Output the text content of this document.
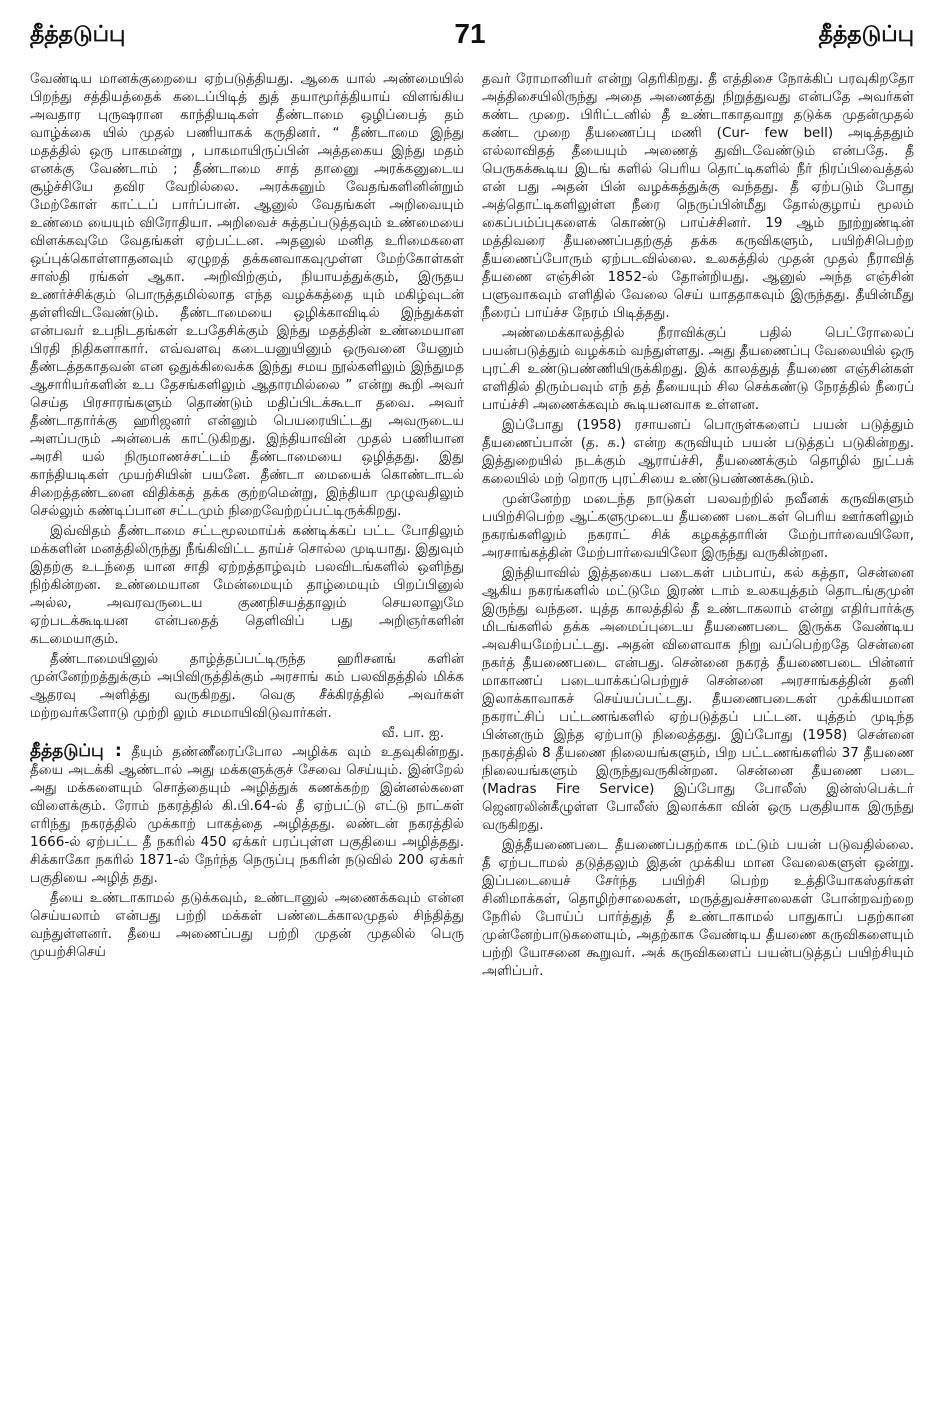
தீத்தடுப்பு	71	தீத்தடுப்பு

வேண்டிய மானக்குறையை ஏற்படுத்தியது. ஆகை யால் அண்மையில் பிறந்து சத்தியத்தைக் கடைப்பிடித் துத் தயாமூர்த்தியாய் விளங்கிய அவதார புருஷரான காந்தியடிகள் தீண்டாமை ஒழிப்பைத் தம் வாழ்க்கை யில் முதல் பணியாகக் கருதினர். “ தீண்டாமை இந்து மதத்தில் ஒரு பாகமன்று , பாகமாயிருப்பின் அத்தகைய இந்து மதம் எனக்கு வேண்டாம் ; தீண்டாமை சாத் தானுை அரக்கனுடைய சூழ்ச்சியே தவிர வேறில்லை. அரக்கனும் வேதங்களினின்றும் மேற்கோள் காட்டப் பார்ப்பான். ஆனுல் வேதங்கள் அறிவையும் உண்மை யையும் விரோதியா. அறிவைச் சுத்தப்படுத்தவும் உண்மையை விளக்கவுமே வேதங்கள் ஏற்பட்டன. அதனுல் மனித உரிமைகளை ஒப்புக்கொள்ளாதனவும் ஏழுறத் தக்கனவாகவுமுள்ள மேற்கோள்கள் சாஸ்தி ரங்கள் ஆகா. அறிவிற்கும், நியாயத்துக்கும், இருதய உணர்ச்சிக்கும் பொருத்தமில்லாத எந்த வழக்கத்தை யும் மகிழ்வுடன் தள்ளிவிடவேண்டும். தீண்டாமையை ஒழிக்காவிடில் இந்துக்கள் என்பவர் உபநிடதங்கள் உபதேசிக்கும் இந்து மதத்தின் உண்மையான பிரதி நிதிகளாகார். எவ்வளவு கடையனுயினும் ஒருவனை யேனும் தீண்டத்தகாதவன் என ஒதுக்கிவைக்க இந்து சமய நூல்களிலும் இந்துமத ஆசாரியர்களின் உப தேசங்களிலும் ஆதாரமில்லை ” என்று கூறி அவர் செய்த பிரசாரங்களும் தொண்டும் மதிப்பிடக்கூடா தவை. அவர் தீண்டாதார்க்கு ஹரிஜனர் என்னும் பெயரையிட்டது அவருடைய அளப்பரும் அன்பைக் காட்டுகிறது. இந்தியாவின் முதல் பணியான அரசி யல் நிருமாணச்சட்டம் தீண்டாமையை ஒழித்தது. இது காந்தியடிகள் முயற்சியின் பயனே. தீண்டா மையைக் கொண்டாடல் சிறைத்தண்டனை விதிக்கத் தக்க குற்றமென்று, இந்தியா முழுவதிலும் செல்லும் கண்டிப்பான சட்டமும் நிறைவேற்றப்பட்டிருக்கிறது.

இவ்விதம் தீண்டாமை சட்டமூலமாய்க் கண்டிக்கப் பட்ட போதிலும் மக்களின் மனத்திலிருந்து நீங்கிவிட்ட தாய்ச் சொல்ல முடியாது. இதுவும் இதற்கு உடந்தை யான சாதி ஏற்றத்தாழ்வும் பலவிடங்களில் ஒளிந்து நிற்கின்றன. உண்மையான மேன்மையும் தாழ்மையும் பிறப்பினுல் அல்ல, அவரவருடைய குணநிசயத்தாலும் செயலாலுமே ஏற்படக்கூடியன என்பதைத் தெளிவிப் பது அறிஞர்களின் கடமையாகும்.

தீண்டாமையினுல் தாழ்த்தப்பட்டிருந்த ஹரிசனங் களின் முன்னேற்றத்துக்கும் அபிவிருத்திக்கும் அரசாங் கம் பலவிதத்தில் மிக்க ஆதரவு அளித்து வருகிறது. வெகு சீக்கிரத்தில் அவர்கள் மற்றவர்களோடு முற்றி லும் சமமாயிவிடுவார்கள்.

வீ. பா. ஐ.

தீத்தடுப்பு : தீயும் தண்ணீரைப்போல அழிக்க வும் உதவுகின்றது. தீயை அடக்கி ஆண்டால் அது மக்களுக்குச் சேவை செய்யும். இன்றேல் அது மக்களையும் சொத்தையும் அழித்துக் கணக்கற்ற இன்னல்களை விளைக்கும். ரோம் நகரத்தில் கி.பி.64-ல் தீ ஏற்பட்டு எட்டு நாட்கள் எரிந்து நகரத்தில் முக்காற் பாகத்தை அழித்தது. லண்டன் நகரத்தில் 1666-ல் ஏற்பட்ட தீ நகரில் 450 ஏக்கர் பரப்புள்ள பகுதியை அழித்தது. சிக்காகோ நகரில் 1871-ல் நேர்ந்த நெருப்பு நகரின் நடுவில் 200 ஏக்கர் பகுதியை அழித் தது.

தீயை உண்டாகாமல் தடுக்கவும், உண்டானுல் அணைக்கவும் என்ன செய்யலாம் என்பது பற்றி மக்கள் பண்டைக்காலமுதல் சிந்தித்து வந்துள்ளனர். தீயை அணைப்பது பற்றி முதன் முதலில் பெரு முயற்சிசெய்

தவர் ரோமானியர் என்று தெரிகிறது. தீ எத்திசை நோக்கிப் பரவுகிறதோ அத்திசையிலிருந்து அதை அணைத்து நிறுத்துவது என்பதே அவர்கள் கண்ட முறை. பிரிட்டனில் தீ உண்டாகாதவாறு தடுக்க முதன்முதல் கண்ட முறை தீயணைப்பு மணி (Cur- few bell) அடித்ததும் எல்லாவிதத் தீயையும் அணைத் துவிடவேண்டும் என்பதே. தீ பெருகக்கூடிய இடங் களில் பெரிய தொட்டிகளில் நீர் நிரப்பிவைத்தல் என் பது அதன் பின் வழக்கத்துக்கு வந்தது. தீ ஏற்படும் போது அத்தொட்டிகளிலுள்ள நீரை நெருப்பின்மீது தோல்குழாய் மூலம் கைப்பம்ப்புகளைக் கொண்டு பாய்ச்சினர். 19 ஆம் நூற்றுண்டின் மத்திவரை தீயணைப்பதற்குத் தக்க கருவிகளும், பயிற்சிபெற்ற தீயணைப்போரும் ஏற்படவில்லை. உலகத்தில் முதன் முதல் நீராவித் தீயணை எஞ்சின் 1852-ல் தோன்றியது. ஆனுல் அந்த எஞ்சின் பளுவாகவும் எளிதில் வேலை செய் யாததாகவும் இருந்தது. தீயின்மீது நீரைப் பாய்ச்ச நேரம் பிடித்தது.

அண்மைக்காலத்தில் நீராவிக்குப் பதில் பெட்ரோலைப் பயன்படுத்தும் வழக்கம் வந்துள்ளது. அது தீயணைப்பு வேலையில் ஒரு புரட்சி உண்டுபண்ணியிருக்கிறது. இக் காலத்துத் தீயணை எஞ்சின்கள் எளிதில் திரும்பவும் எந் தத் தீயையும் சில செக்கண்டு நேரத்தில் நீரைப் பாய்ச்சி அணைக்கவும் கூடியனவாக உள்ளன.

இப்போது (1958) ரசாயனப் பொருள்களைப் பயன் படுத்தும் தீயணைப்பான் (த. க.) என்ற கருவியும் பயன் படுத்தப் படுகின்றது. இத்துறையில் நடக்கும் ஆராய்ச்சி, தீயணைக்கும் தொழில் நுட்பக் கலையில் மற் றொரு புரட்சியை உண்டுபண்ணக்கூடும்.

முன்னேற்ற மடைந்த நாடுகள் பலவற்றில் நவீனக் கருவிகளும் பயிற்சிபெற்ற ஆட்களுமுடைய தீயணை படைகள் பெரிய ஊர்களிலும் நகரங்களிலும் நகராட் சிக் கழகத்தாரின் மேற்பார்வையிலோ, அரசாங்கத்தின் மேற்பார்வையிலோ இருந்து வருகின்றன.

இந்தியாவில் இத்தகைய படைகள் பம்பாய், கல் கத்தா, சென்னை ஆகிய நகரங்களில் மட்டுமே இரண் டாம் உலகயுத்தம் தொடங்குமுன் இருந்து வந்தன. யுத்த காலத்தில் தீ உண்டாகலாம் என்று எதிர்பார்க்கு மிடங்களில் தக்க அமைப்புடைய தீயணைபடை இருக்க வேண்டிய அவசியமேற்பட்டது. அதன் விளைவாக நிறு வப்பெற்றதே சென்னை நகர்த் தீயணைபடை என்பது. சென்னை நகரத் தீயணைபடை பின்னர் மாகாணப் படையாக்கப்பெற்றுச் சென்னை அரசாங்கத்தின் தனி இலாக்காவாகச் செய்யப்பட்டது. தீயணைபடைகள் முக்கியமான நகராட்சிப் பட்டணங்களில் ஏற்படுத்தப் பட்டன. யுத்தம் முடிந்த பின்னரும் இந்த ஏற்பாடு நிலைத்தது. இப்போது (1958) சென்னை நகரத்தில் 8 தீயணை நிலையங்களும், பிற பட்டணங்களில் 37 தீயணை நிலையங்களும் இருந்துவருகின்றன. சென்னை தீயணை படை (Madras Fire Service) இப்போது போலீஸ் இன்ஸ்பெக்டர் ஜெனரலின்கீழுள்ள போலீஸ் இலாக்கா வின் ஒரு பகுதியாக இருந்து வருகிறது.

இத்தீயணைபடை தீயணைப்பதற்காக மட்டும் பயன் படுவதில்லை. தீ ஏற்படாமல் தடுத்தலும் இதன் முக்கிய மான வேலைகளுள் ஒன்று. இப்படையைச் சேர்ந்த பயிற்சி பெற்ற உத்தியோகஸ்தர்கள் சினிமாக்கள், தொழிற்சாலைகள், மருத்துவச்சாலைகள் போன்றவற்றை நேரில் போய்ப் பார்த்துத் தீ உண்டாகாமல் பாதுகாப் பதற்கான முன்னேற்பாடுகளையும், அதற்காக வேண்டிய தீயணை கருவிகளையும் பற்றி யோசனை கூறுவர். அக் கருவிகளைப் பயன்படுத்தப் பயிற்சியும் அளிப்பர்.
